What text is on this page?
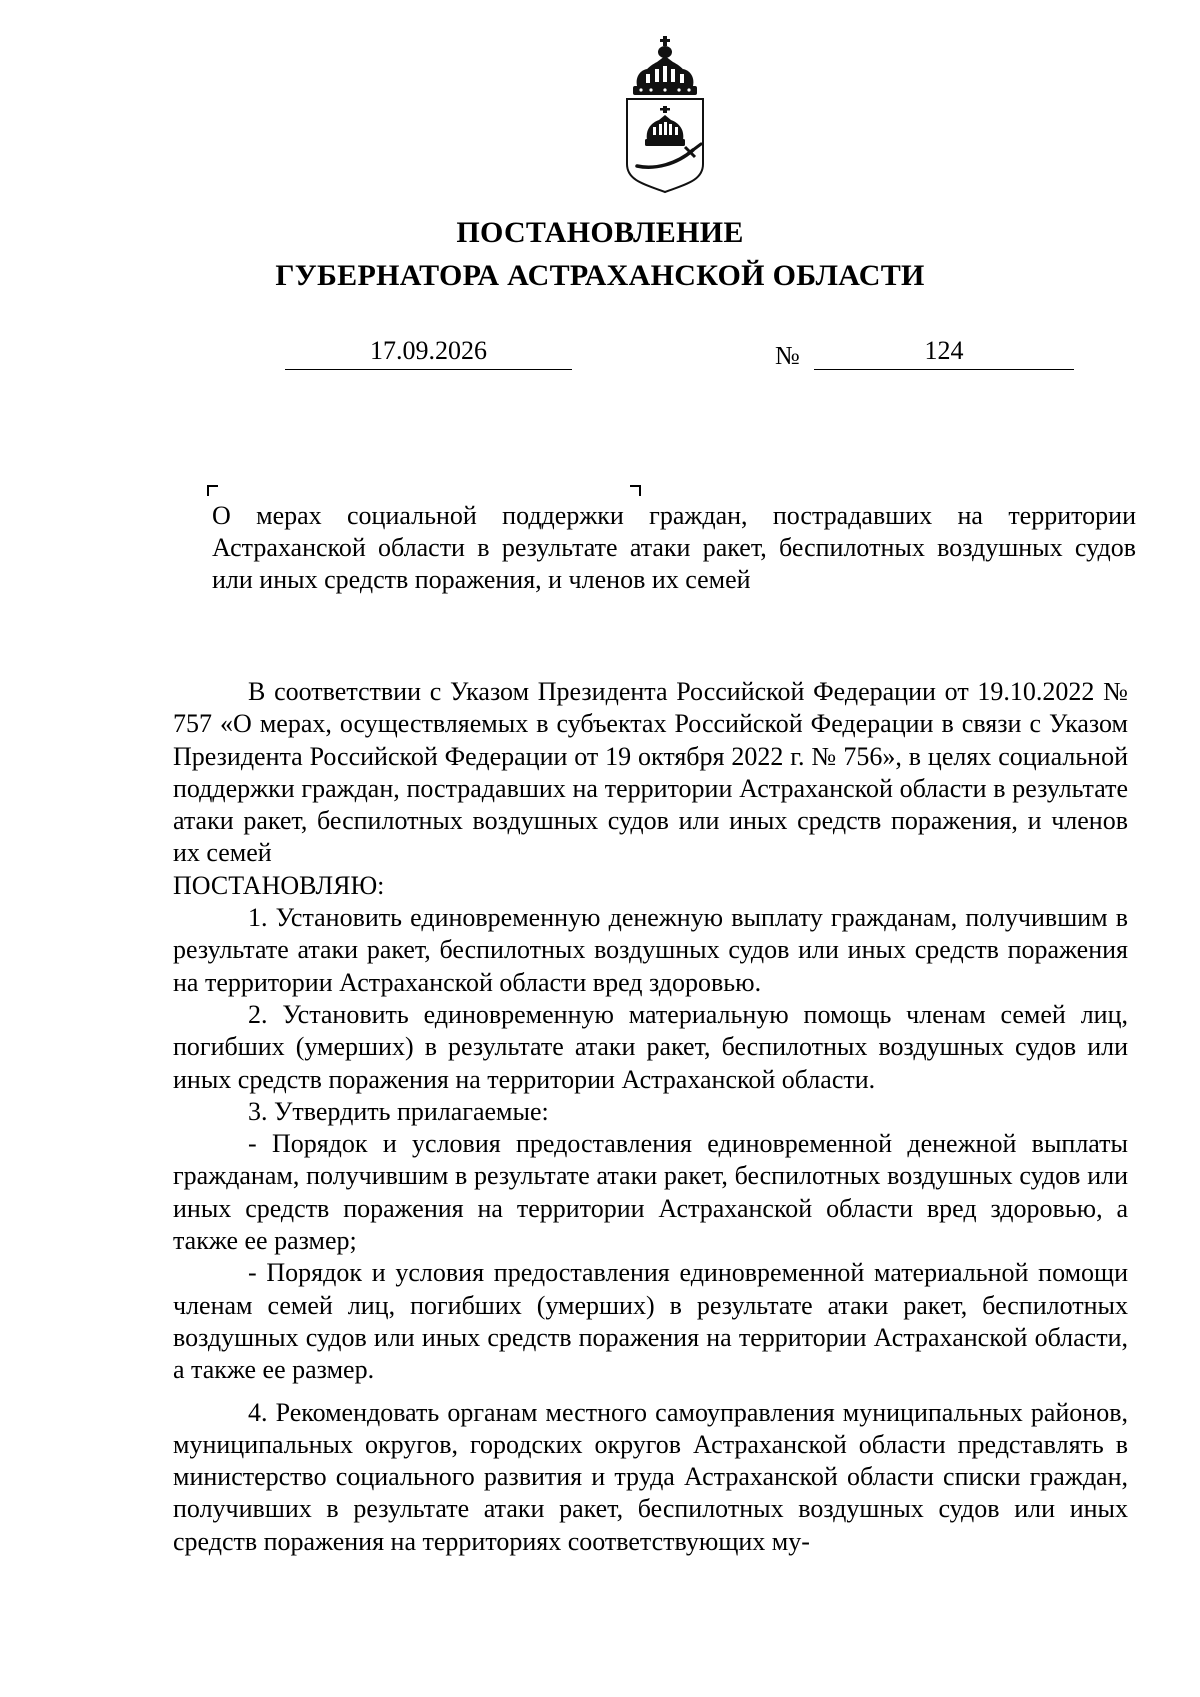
ПОСТАНОВЛЕНИЕ
ГУБЕРНАТОРА АСТРАХАНСКОЙ ОБЛАСТИ
17.09.2026	№	124
О мерах социальной поддержки граждан, пострадавших на территории Астраханской области в результате атаки ракет, беспилотных воздушных судов или иных средств поражения, и членов их семей

В соответствии с Указом Президента Российской Федерации от 19.10.2022 № 757 «О мерах, осуществляемых в субъектах Российской Федерации в связи с Указом Президента Российской Федерации от 19 октября 2022 г. № 756», в целях социальной поддержки граждан, пострадавших на территории Астраханской области в результате атаки ракет, беспилотных воздушных судов или иных средств поражения, и членов их семей

ПОСТАНОВЛЯЮ:

1. Установить единовременную денежную выплату гражданам, получившим в результате атаки ракет, беспилотных воздушных судов или иных средств поражения на территории Астраханской области вред здоровью.

2. Установить единовременную материальную помощь членам семей лиц, погибших (умерших) в результате атаки ракет, беспилотных воздушных судов или иных средств поражения на территории Астраханской области.

3. Утвердить прилагаемые:

- Порядок и условия предоставления единовременной денежной выплаты гражданам, получившим в результате атаки ракет, беспилотных воздушных судов или иных средств поражения на территории Астраханской области вред здоровью, а также ее размер;

- Порядок и условия предоставления единовременной материальной помощи членам семей лиц, погибших (умерших) в результате атаки ракет, беспилотных воздушных судов или иных средств поражения на территории Астраханской области, а также ее размер.

4. Рекомендовать органам местного самоуправления муниципальных районов, муниципальных округов, городских округов Астраханской области представлять в министерство социального развития и труда Астраханской области списки граждан, получивших в результате атаки ракет, беспилотных воздушных судов или иных средств поражения на территориях соответствующих му-
